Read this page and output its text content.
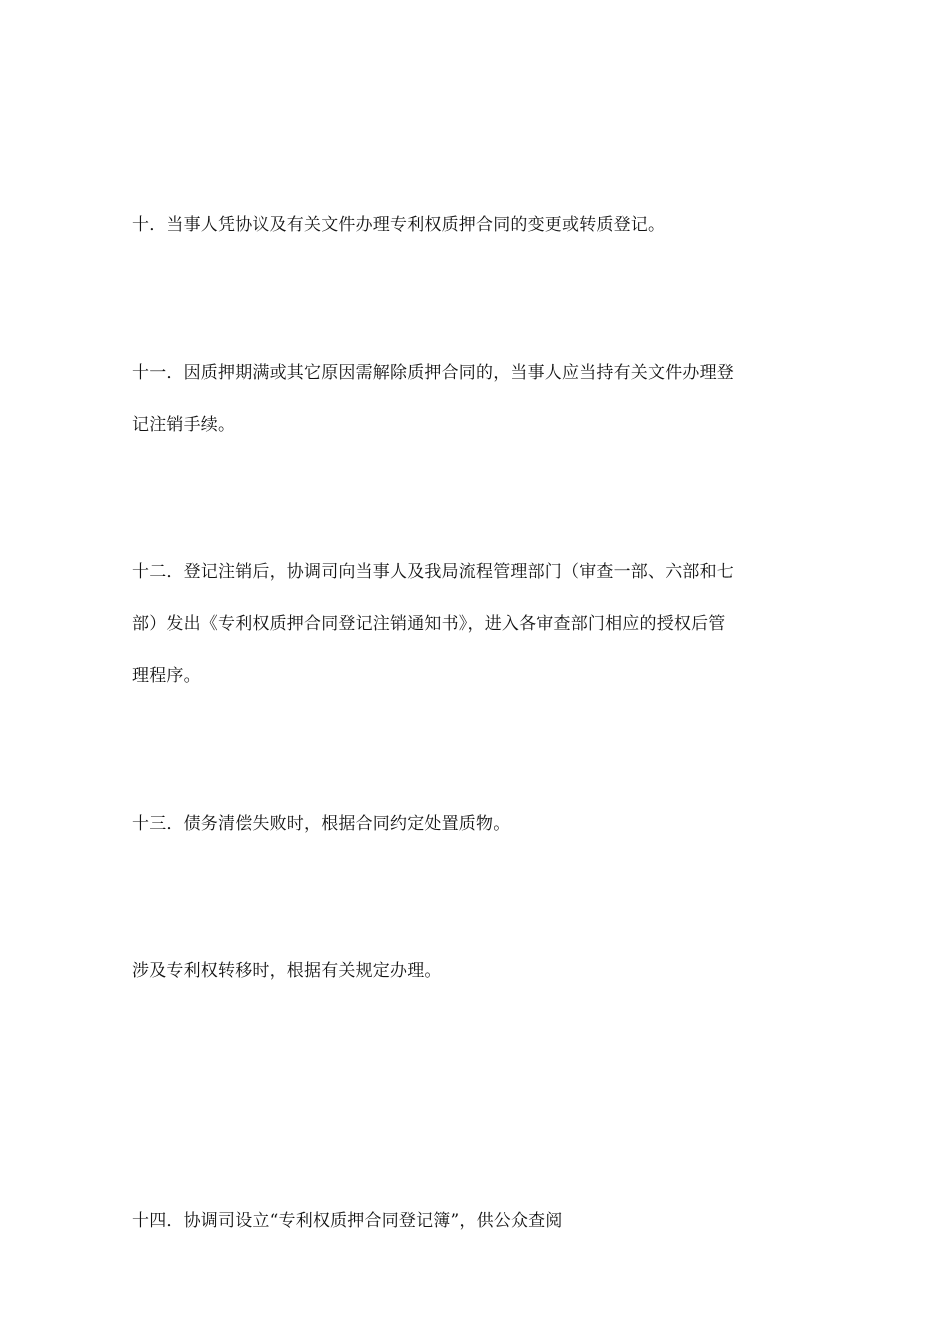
十．当事人凭协议及有关文件办理专利权质押合同的变更或转质登记。
十一．因质押期满或其它原因需解除质押合同的，当事人应当持有关文件办理登
记注销手续。
十二．登记注销后，协调司向当事人及我局流程管理部门（审查一部、六部和七
部）发出《专利权质押合同登记注销通知书》，进入各审查部门相应的授权后管
理程序。
十三．债务清偿失败时，根据合同约定处置质物。
涉及专利权转移时，根据有关规定办理。
十四．协调司设立“专利权质押合同登记簿”，供公众查阅
